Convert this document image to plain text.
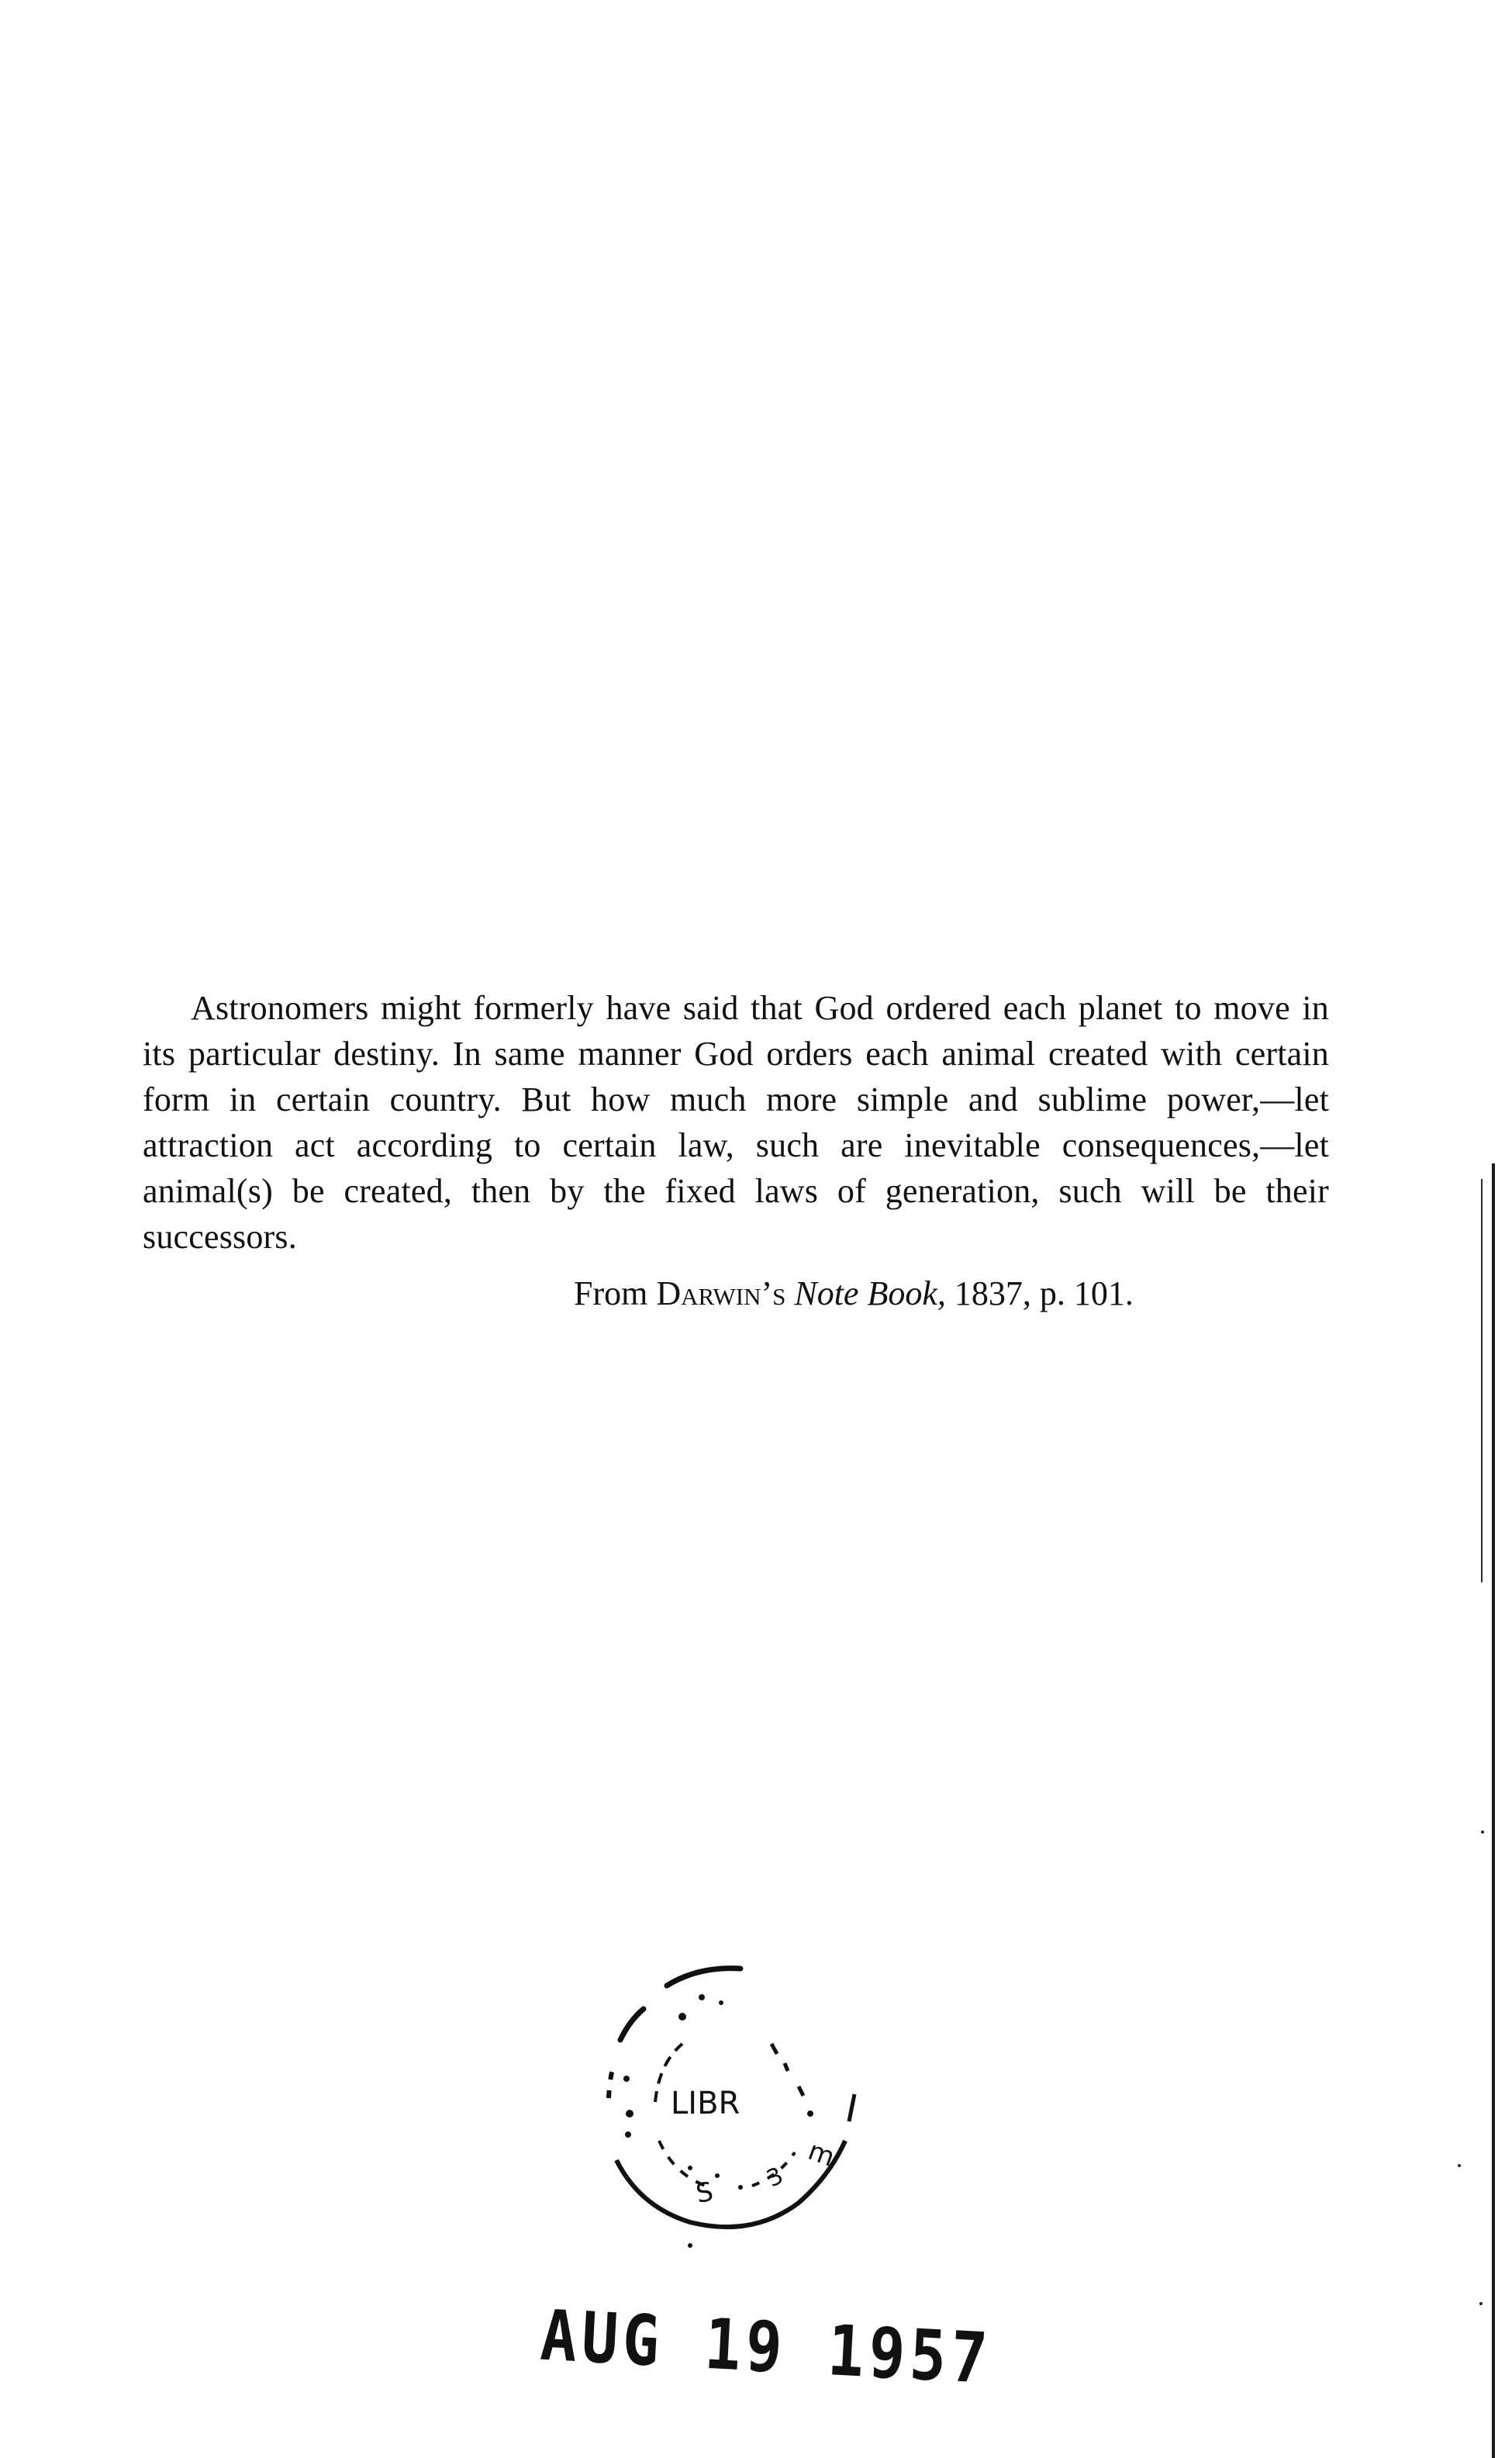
Astronomers might formerly have said that God ordered each planet to move in its particular destiny. In same manner God orders each animal created with certain form in certain country. But how much more simple and sublime power,—let attraction act according to certain law, such are inevitable consequences,—let animal(s) be created, then by the fixed laws of generation, such will be their successors.

From Darwin’s Note Book, 1837, p. 101.

LIBR
m
S 3
AUG 19 1957
